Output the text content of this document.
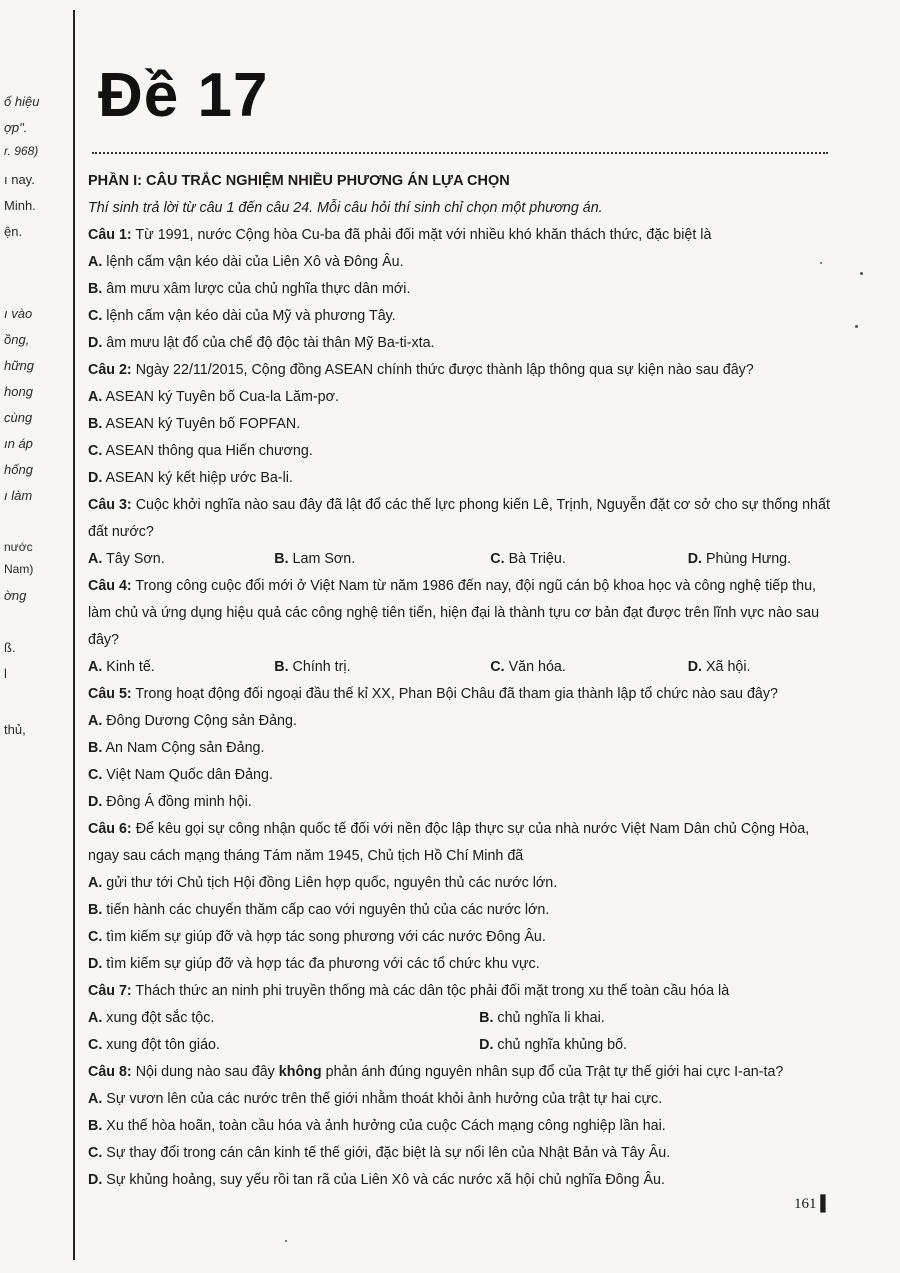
ố hiệu
ợp".
r. 968)
ı nay.
Minh.
ện.
ı vào
ồng,
hững
hong
cùng
ın áp
hống
ı làm
nước
Nam)
ờng
ß.
l
thủ,
Đề 17
PHẦN I: CÂU TRẮC NGHIỆM NHIỀU PHƯƠNG ÁN LỰA CHỌN
Thí sinh trả lời từ câu 1 đến câu 24. Mỗi câu hỏi thí sinh chỉ chọn một phương án.
Câu 1: Từ 1991, nước Cộng hòa Cu-ba đã phải đối mặt với nhiều khó khăn thách thức, đặc biệt là
A. lệnh cấm vận kéo dài của Liên Xô và Đông Âu.
B. âm mưu xâm lược của chủ nghĩa thực dân mới.
C. lệnh cấm vận kéo dài của Mỹ và phương Tây.
D. âm mưu lật đổ của chế độ độc tài thân Mỹ Ba-ti-xta.
Câu 2: Ngày 22/11/2015, Cộng đồng ASEAN chính thức được thành lập thông qua sự kiện nào sau đây?
A. ASEAN ký Tuyên bố Cua-la Lăm-pơ.
B. ASEAN ký Tuyên bố FOPFAN.
C. ASEAN thông qua Hiến chương.
D. ASEAN ký kết hiệp ước Ba-li.
Câu 3: Cuộc khởi nghĩa nào sau đây đã lật đổ các thế lực phong kiến Lê, Trịnh, Nguyễn đặt cơ sở cho sự thống nhất đất nước?
A. Tây Sơn.	B. Lam Sơn.	C. Bà Triệu.	D. Phùng Hưng.
Câu 4: Trong công cuộc đổi mới ở Việt Nam từ năm 1986 đến nay, đội ngũ cán bộ khoa học và công nghệ tiếp thu, làm chủ và ứng dụng hiệu quả các công nghệ tiên tiến, hiện đại là thành tựu cơ bản đạt được trên lĩnh vực nào sau đây?
A. Kinh tế.	B. Chính trị.	C. Văn hóa.	D. Xã hội.
Câu 5: Trong hoạt động đối ngoại đầu thế kỉ XX, Phan Bội Châu đã tham gia thành lập tổ chức nào sau đây?
A. Đông Dương Cộng sản Đảng.
B. An Nam Cộng sản Đảng.
C. Việt Nam Quốc dân Đảng.
D. Đông Á đồng minh hội.
Câu 6: Để kêu gọi sự công nhận quốc tế đối với nền độc lập thực sự của nhà nước Việt Nam Dân chủ Cộng Hòa, ngay sau cách mạng tháng Tám năm 1945, Chủ tịch Hồ Chí Minh đã
A. gửi thư tới Chủ tịch Hội đồng Liên hợp quốc, nguyên thủ các nước lớn.
B. tiến hành các chuyến thăm cấp cao với nguyên thủ của các nước lớn.
C. tìm kiếm sự giúp đỡ và hợp tác song phương với các nước Đông Âu.
D. tìm kiếm sự giúp đỡ và hợp tác đa phương với các tổ chức khu vực.
Câu 7: Thách thức an ninh phi truyền thống mà các dân tộc phải đối mặt trong xu thế toàn cầu hóa là
A. xung đột sắc tộc.	B. chủ nghĩa li khai.
C. xung đột tôn giáo.	D. chủ nghĩa khủng bố.
Câu 8: Nội dung nào sau đây không phản ánh đúng nguyên nhân sụp đổ của Trật tự thế giới hai cực I-an-ta?
A. Sự vươn lên của các nước trên thế giới nhằm thoát khỏi ảnh hưởng của trật tự hai cực.
B. Xu thế hòa hoãn, toàn cầu hóa và ảnh hưởng của cuộc Cách mạng công nghiệp lần hai.
C. Sự thay đổi trong cán cân kinh tế thế giới, đặc biệt là sự nổi lên của Nhật Bản và Tây Âu.
D. Sự khủng hoảng, suy yếu rồi tan rã của Liên Xô và các nước xã hội chủ nghĩa Đông Âu.
161 ▌
